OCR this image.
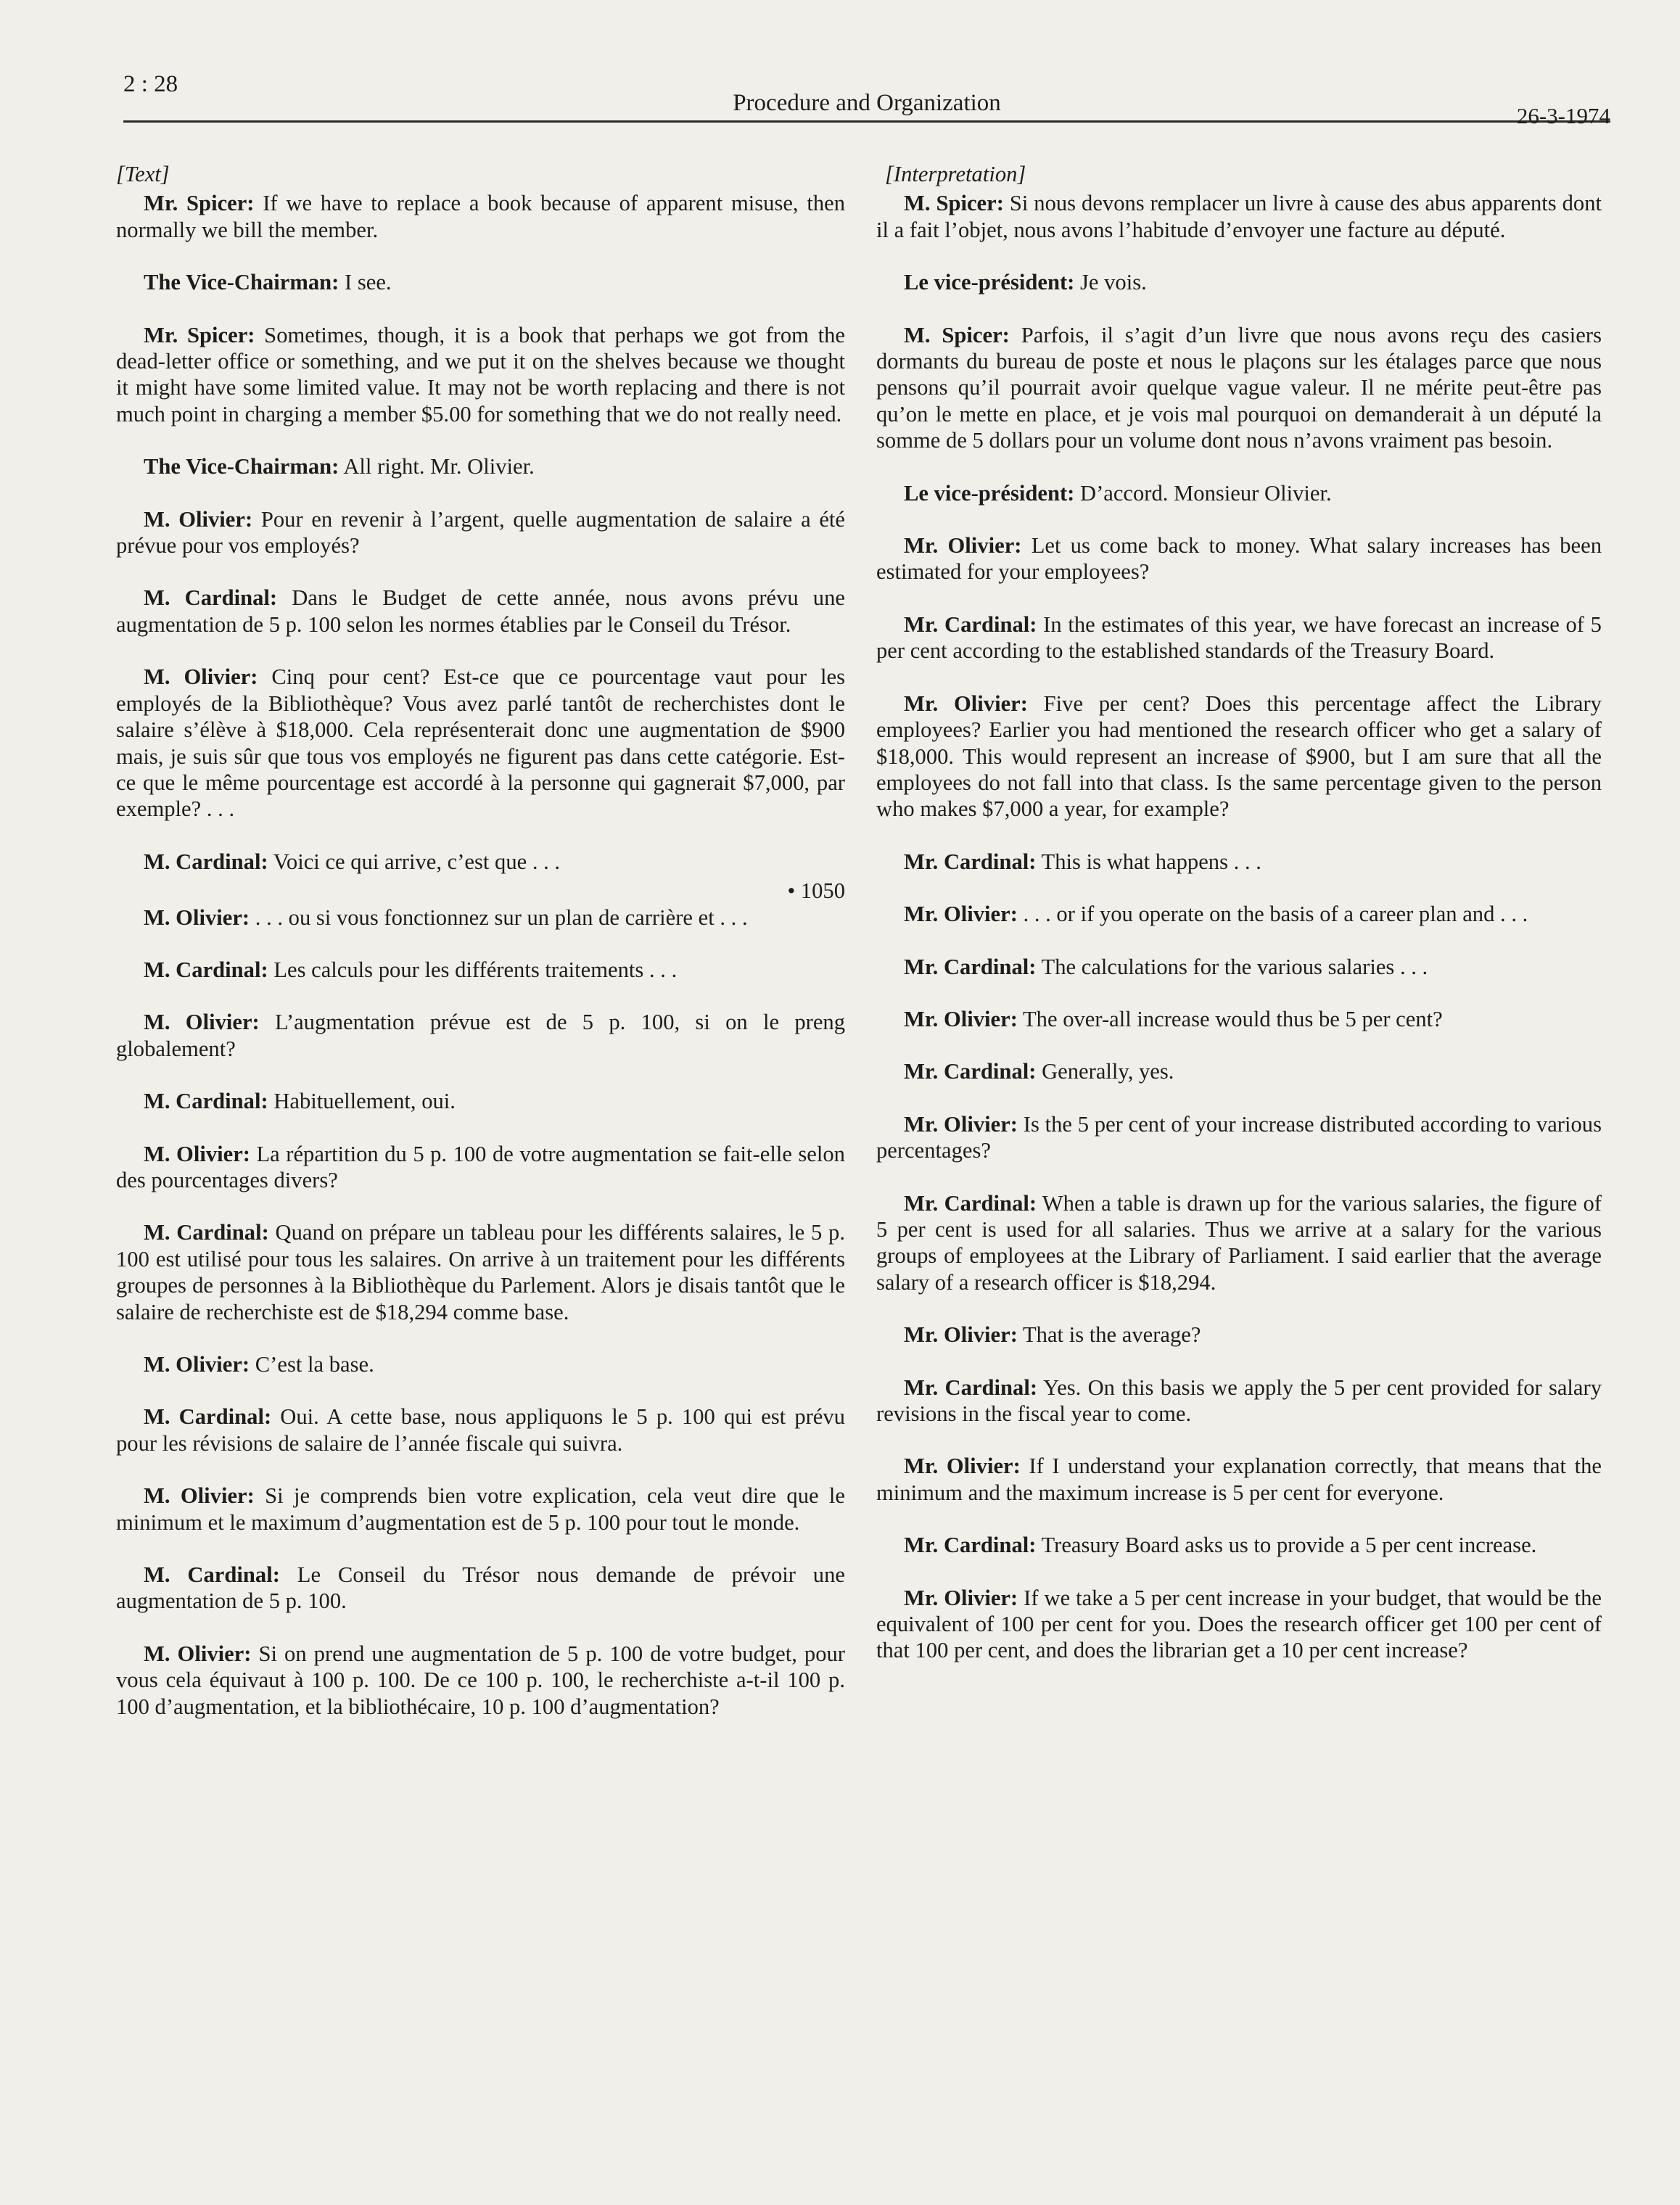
2 : 28
Procedure and Organization	26-3-1974
[Text]

Mr. Spicer: If we have to replace a book because of apparent misuse, then normally we bill the member.

The Vice-Chairman: I see.

Mr. Spicer: Sometimes, though, it is a book that perhaps we got from the dead-letter office or something, and we put it on the shelves because we thought it might have some limited value. It may not be worth replacing and there is not much point in charging a member $5.00 for something that we do not really need.

The Vice-Chairman: All right. Mr. Olivier.

M. Olivier: Pour en revenir à l’argent, quelle augmentation de salaire a été prévue pour vos employés?

M. Cardinal: Dans le Budget de cette année, nous avons prévu une augmentation de 5 p. 100 selon les normes établies par le Conseil du Trésor.

M. Olivier: Cinq pour cent? Est-ce que ce pourcentage vaut pour les employés de la Bibliothèque? Vous avez parlé tantôt de recherchistes dont le salaire s’élève à $18,000. Cela représenterait donc une augmentation de $900 mais, je suis sûr que tous vos employés ne figurent pas dans cette catégorie. Est-ce que le même pourcentage est accordé à la personne qui gagnerait $7,000, par exemple? . . .

M. Cardinal: Voici ce qui arrive, c’est que . . .

• 1050

M. Olivier: . . . ou si vous fonctionnez sur un plan de carrière et . . .

M. Cardinal: Les calculs pour les différents traitements . . .

M. Olivier: L’augmentation prévue est de 5 p. 100, si on le preng globalement?

M. Cardinal: Habituellement, oui.

M. Olivier: La répartition du 5 p. 100 de votre augmentation se fait-elle selon des pourcentages divers?

M. Cardinal: Quand on prépare un tableau pour les différents salaires, le 5 p. 100 est utilisé pour tous les salaires. On arrive à un traitement pour les différents groupes de personnes à la Bibliothèque du Parlement. Alors je disais tantôt que le salaire de recherchiste est de $18,294 comme base.

M. Olivier: C’est la base.

M. Cardinal: Oui. A cette base, nous appliquons le 5 p. 100 qui est prévu pour les révisions de salaire de l’année fiscale qui suivra.

M. Olivier: Si je comprends bien votre explication, cela veut dire que le minimum et le maximum d’augmentation est de 5 p. 100 pour tout le monde.

M. Cardinal: Le Conseil du Trésor nous demande de prévoir une augmentation de 5 p. 100.

M. Olivier: Si on prend une augmentation de 5 p. 100 de votre budget, pour vous cela équivaut à 100 p. 100. De ce 100 p. 100, le recherchiste a-t-il 100 p. 100 d’augmentation, et la bibliothécaire, 10 p. 100 d’augmentation?

[Interpretation]

M. Spicer: Si nous devons remplacer un livre à cause des abus apparents dont il a fait l’objet, nous avons l’habitude d’envoyer une facture au député.

Le vice-président: Je vois.

M. Spicer: Parfois, il s’agit d’un livre que nous avons reçu des casiers dormants du bureau de poste et nous le plaçons sur les étalages parce que nous pensons qu’il pourrait avoir quelque vague valeur. Il ne mérite peut-être pas qu’on le mette en place, et je vois mal pourquoi on demanderait à un député la somme de 5 dollars pour un volume dont nous n’avons vraiment pas besoin.

Le vice-président: D’accord. Monsieur Olivier.

Mr. Olivier: Let us come back to money. What salary increases has been estimated for your employees?

Mr. Cardinal: In the estimates of this year, we have forecast an increase of 5 per cent according to the established standards of the Treasury Board.

Mr. Olivier: Five per cent? Does this percentage affect the Library employees? Earlier you had mentioned the research officer who get a salary of $18,000. This would represent an increase of $900, but I am sure that all the employees do not fall into that class. Is the same percentage given to the person who makes $7,000 a year, for example?

Mr. Cardinal: This is what happens . . .

Mr. Olivier: . . . or if you operate on the basis of a career plan and . . .

Mr. Cardinal: The calculations for the various salaries . . .

Mr. Olivier: The over-all increase would thus be 5 per cent?

Mr. Cardinal: Generally, yes.

Mr. Olivier: Is the 5 per cent of your increase distributed according to various percentages?

Mr. Cardinal: When a table is drawn up for the various salaries, the figure of 5 per cent is used for all salaries. Thus we arrive at a salary for the various groups of employees at the Library of Parliament. I said earlier that the average salary of a research officer is $18,294.

Mr. Olivier: That is the average?

Mr. Cardinal: Yes. On this basis we apply the 5 per cent provided for salary revisions in the fiscal year to come.

Mr. Olivier: If I understand your explanation correctly, that means that the minimum and the maximum increase is 5 per cent for everyone.

Mr. Cardinal: Treasury Board asks us to provide a 5 per cent increase.

Mr. Olivier: If we take a 5 per cent increase in your budget, that would be the equivalent of 100 per cent for you. Does the research officer get 100 per cent of that 100 per cent, and does the librarian get a 10 per cent increase?
